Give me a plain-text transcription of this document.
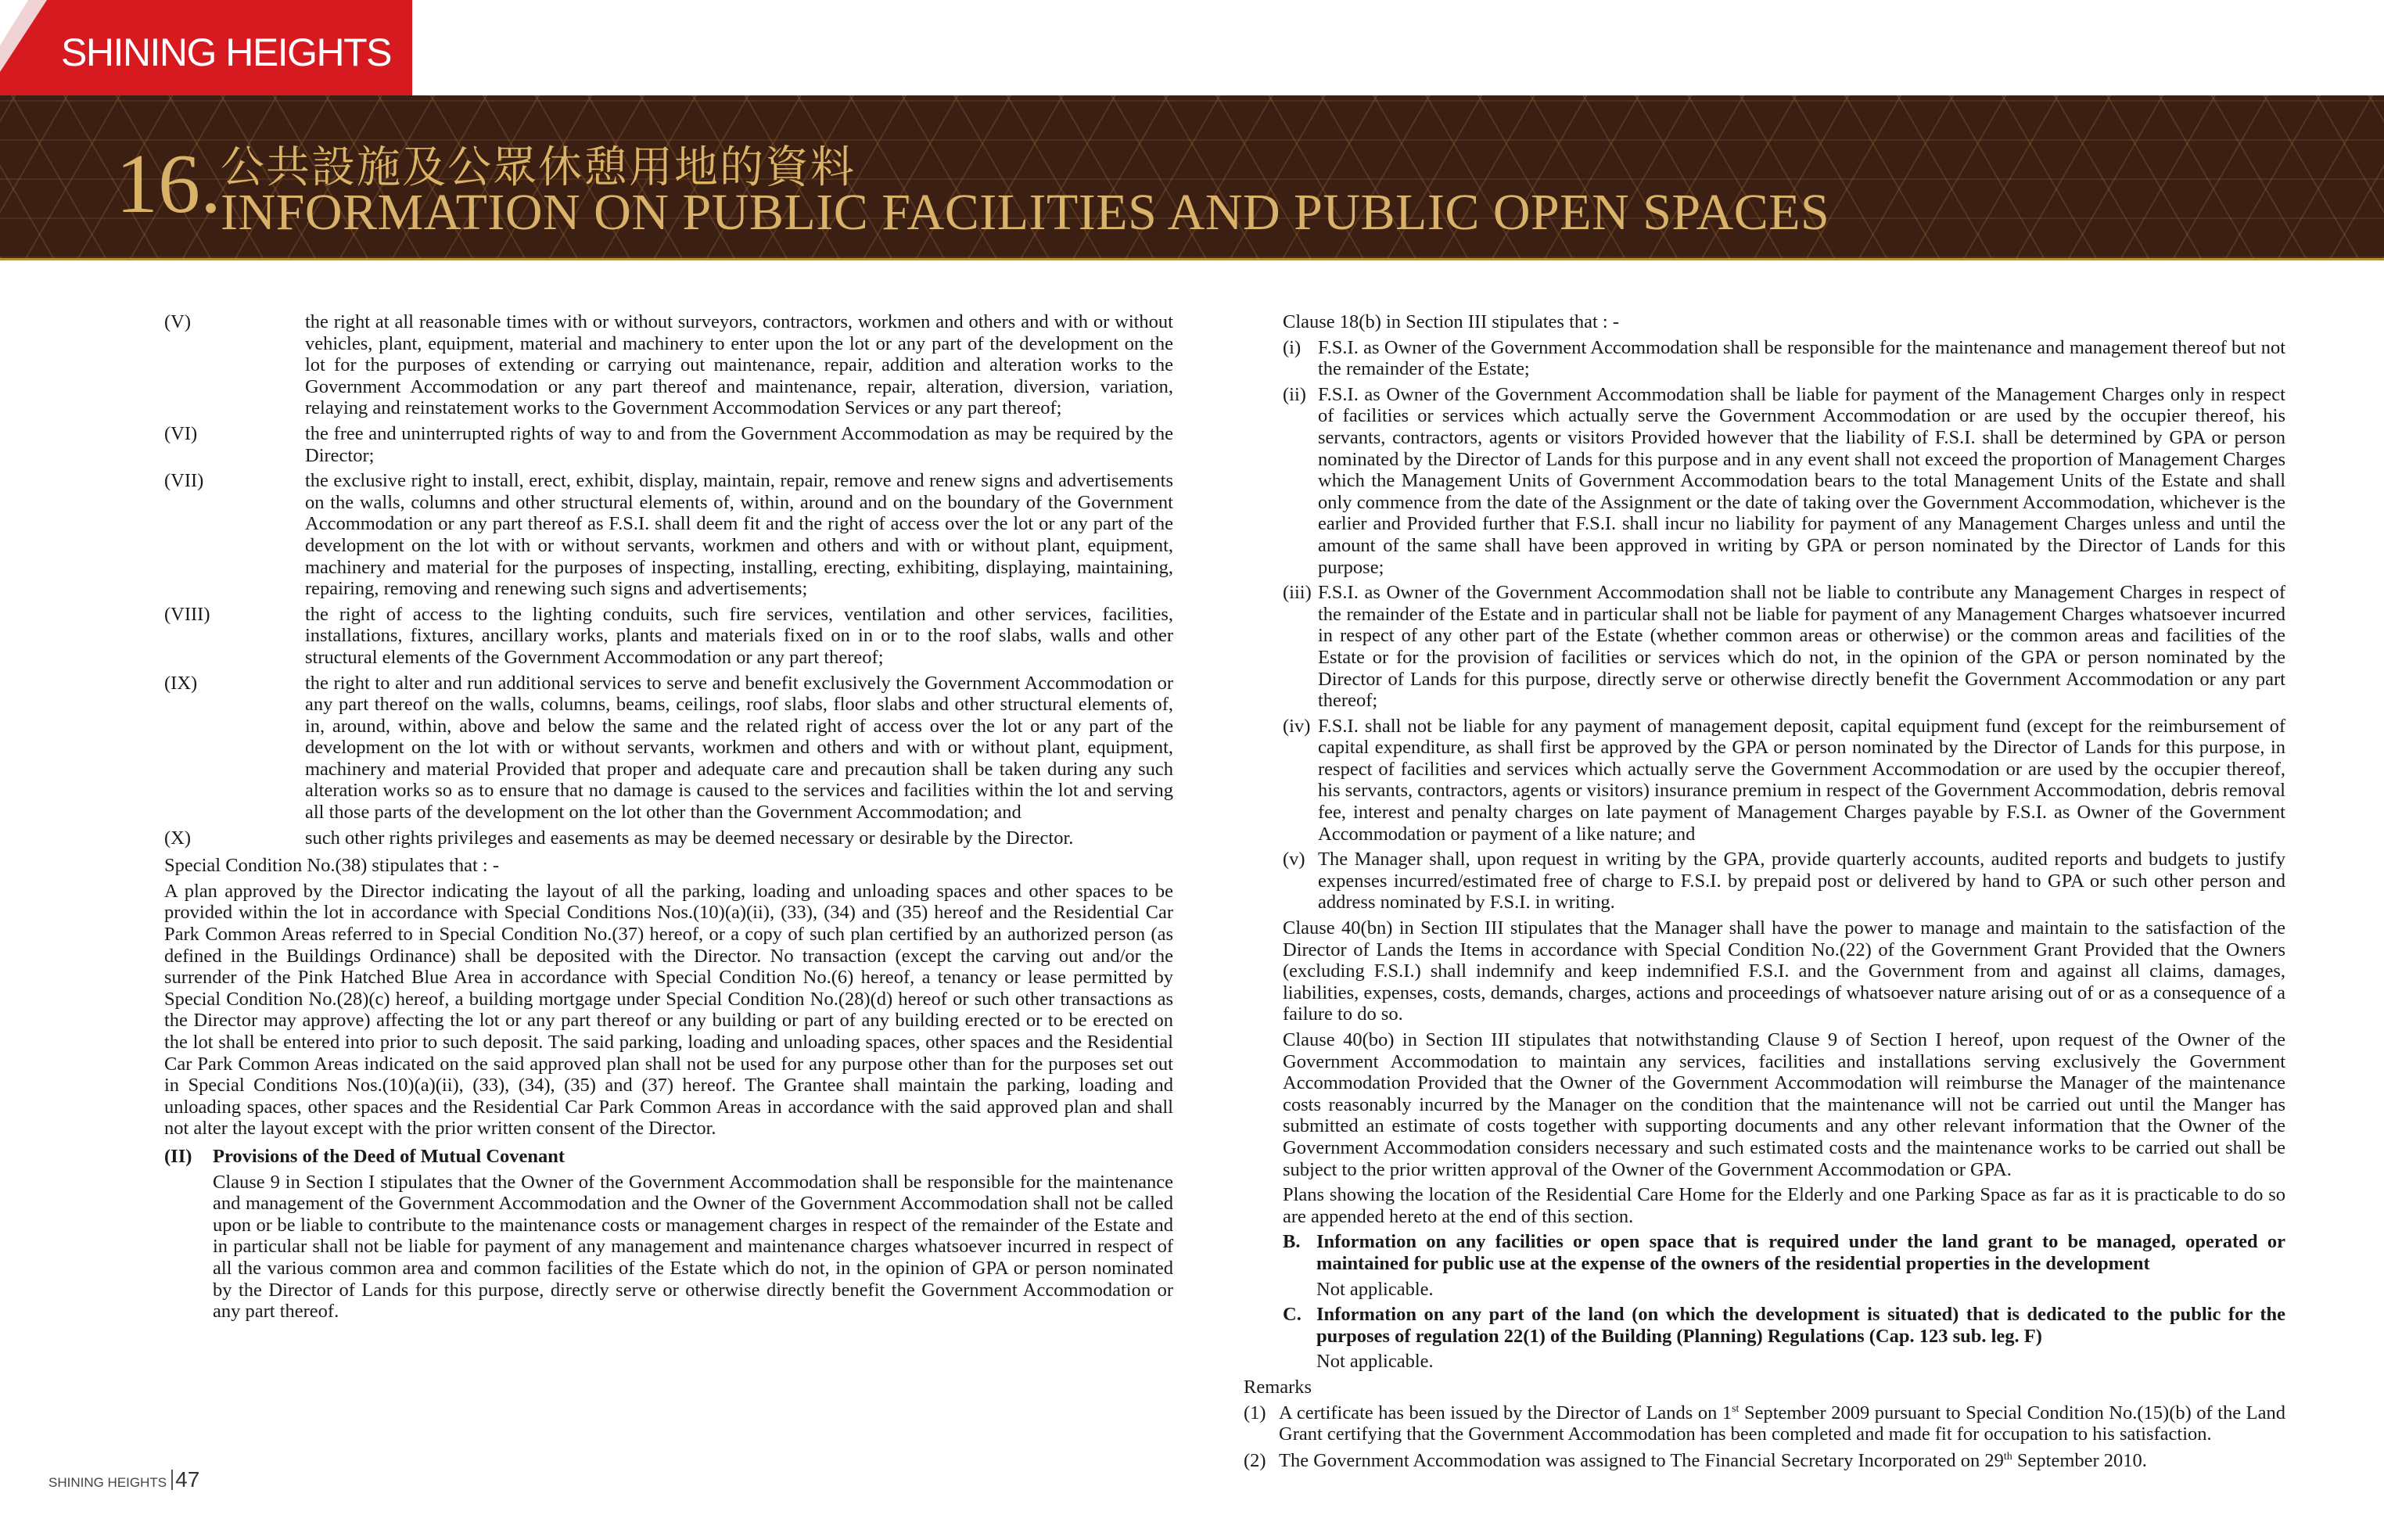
SHINING HEIGHTS
16. 公共設施及公眾休憩用地的資料
INFORMATION ON PUBLIC FACILITIES AND PUBLIC OPEN SPACES
(V)	the right at all reasonable times with or without surveyors, contractors, workmen and others and with or without vehicles, plant, equipment, material and machinery to enter upon the lot or any part of the development on the lot for the purposes of extending or carrying out maintenance, repair, addition and alteration works to the Government Accommodation or any part thereof and maintenance, repair, alteration, diversion, variation, relaying and reinstatement works to the Government Accommodation Services or any part thereof;
(VI)	the free and uninterrupted rights of way to and from the Government Accommodation as may be required by the Director;
(VII)	the exclusive right to install, erect, exhibit, display, maintain, repair, remove and renew signs and advertisements on the walls, columns and other structural elements of, within, around and on the boundary of the Government Accommodation or any part thereof as F.S.I. shall deem fit and the right of access over the lot or any part of the development on the lot with or without servants, workmen and others and with or without plant, equipment, machinery and material for the purposes of inspecting, installing, erecting, exhibiting, displaying, maintaining, repairing, removing and renewing such signs and advertisements;
(VIII)	the right of access to the lighting conduits, such fire services, ventilation and other services, facilities, installations, fixtures, ancillary works, plants and materials fixed on in or to the roof slabs, walls and other structural elements of the Government Accommodation or any part thereof;
(IX)	the right to alter and run additional services to serve and benefit exclusively the Government Accommodation or any part thereof on the walls, columns, beams, ceilings, roof slabs, floor slabs and other structural elements of, in, around, within, above and below the same and the related right of access over the lot or any part of the development on the lot with or without servants, workmen and others and with or without plant, equipment, machinery and material Provided that proper and adequate care and precaution shall be taken during any such alteration works so as to ensure that no damage is caused to the services and facilities within the lot and serving all those parts of the development on the lot other than the Government Accommodation; and
(X)	such other rights privileges and easements as may be deemed necessary or desirable by the Director.

Special Condition No.(38) stipulates that : -

A plan approved by the Director indicating the layout of all the parking, loading and unloading spaces and other spaces to be provided within the lot in accordance with Special Conditions Nos.(10)(a)(ii), (33), (34) and (35) hereof and the Residential Car Park Common Areas referred to in Special Condition No.(37) hereof, or a copy of such plan certified by an authorized person (as defined in the Buildings Ordinance) shall be deposited with the Director. No transaction (except the carving out and/or the surrender of the Pink Hatched Blue Area in accordance with Special Condition No.(6) hereof, a tenancy or lease permitted by Special Condition No.(28)(c) hereof, a building mortgage under Special Condition No.(28)(d) hereof or such other transactions as the Director may approve) affecting the lot or any part thereof or any building or part of any building erected or to be erected on the lot shall be entered into prior to such deposit. The said parking, loading and unloading spaces, other spaces and the Residential Car Park Common Areas indicated on the said approved plan shall not be used for any purpose other than for the purposes set out in Special Conditions Nos.(10)(a)(ii), (33), (34), (35) and (37) hereof. The Grantee shall maintain the parking, loading and unloading spaces, other spaces and the Residential Car Park Common Areas in accordance with the said approved plan and shall not alter the layout except with the prior written consent of the Director.

(II) Provisions of the Deed of Mutual Covenant

Clause 9 in Section I stipulates that the Owner of the Government Accommodation shall be responsible for the maintenance and management of the Government Accommodation and the Owner of the Government Accommodation shall not be called upon or be liable to contribute to the maintenance costs or management charges in respect of the remainder of the Estate and in particular shall not be liable for payment of any management and maintenance charges whatsoever incurred in respect of all the various common area and common facilities of the Estate which do not, in the opinion of GPA or person nominated by the Director of Lands for this purpose, directly serve or otherwise directly benefit the Government Accommodation or any part thereof.

Clause 18(b) in Section III stipulates that : -

(i) F.S.I. as Owner of the Government Accommodation shall be responsible for the maintenance and management thereof but not the remainder of the Estate;
(ii) F.S.I. as Owner of the Government Accommodation shall be liable for payment of the Management Charges only in respect of facilities or services which actually serve the Government Accommodation or are used by the occupier thereof, his servants, contractors, agents or visitors Provided however that the liability of F.S.I. shall be determined by GPA or person nominated by the Director of Lands for this purpose and in any event shall not exceed the proportion of Management Charges which the Management Units of Government Accommodation bears to the total Management Units of the Estate and shall only commence from the date of the Assignment or the date of taking over the Government Accommodation, whichever is the earlier and Provided further that F.S.I. shall incur no liability for payment of any Management Charges unless and until the amount of the same shall have been approved in writing by GPA or person nominated by the Director of Lands for this purpose;
(iii) F.S.I. as Owner of the Government Accommodation shall not be liable to contribute any Management Charges in respect of the remainder of the Estate and in particular shall not be liable for payment of any Management Charges whatsoever incurred in respect of any other part of the Estate (whether common areas or otherwise) or the common areas and facilities of the Estate or for the provision of facilities or services which do not, in the opinion of the GPA or person nominated by the Director of Lands for this purpose, directly serve or otherwise directly benefit the Government Accommodation or any part thereof;
(iv) F.S.I. shall not be liable for any payment of management deposit, capital equipment fund (except for the reimbursement of capital expenditure, as shall first be approved by the GPA or person nominated by the Director of Lands for this purpose, in respect of facilities and services which actually serve the Government Accommodation or are used by the occupier thereof, his servants, contractors, agents or visitors) insurance premium in respect of the Government Accommodation, debris removal fee, interest and penalty charges on late payment of Management Charges payable by F.S.I. as Owner of the Government Accommodation or payment of a like nature; and
(v) The Manager shall, upon request in writing by the GPA, provide quarterly accounts, audited reports and budgets to justify expenses incurred/estimated free of charge to F.S.I. by prepaid post or delivered by hand to GPA or such other person and address nominated by F.S.I. in writing.

Clause 40(bn) in Section III stipulates that the Manager shall have the power to manage and maintain to the satisfaction of the Director of Lands the Items in accordance with Special Condition No.(22) of the Government Grant Provided that the Owners (excluding F.S.I.) shall indemnify and keep indemnified F.S.I. and the Government from and against all claims, damages, liabilities, expenses, costs, demands, charges, actions and proceedings of whatsoever nature arising out of or as a consequence of a failure to do so.

Clause 40(bo) in Section III stipulates that notwithstanding Clause 9 of Section I hereof, upon request of the Owner of the Government Accommodation to maintain any services, facilities and installations serving exclusively the Government Accommodation Provided that the Owner of the Government Accommodation will reimburse the Manager of the maintenance costs reasonably incurred by the Manager on the condition that the maintenance will not be carried out until the Manger has submitted an estimate of costs together with supporting documents and any other relevant information that the Owner of the Government Accommodation considers necessary and such estimated costs and the maintenance works to be carried out shall be subject to the prior written approval of the Owner of the Government Accommodation or GPA.

Plans showing the location of the Residential Care Home for the Elderly and one Parking Space as far as it is practicable to do so are appended hereto at the end of this section.

B. Information on any facilities or open space that is required under the land grant to be managed, operated or maintained for public use at the expense of the owners of the residential properties in the development

Not applicable.

C. Information on any part of the land (on which the development is situated) that is dedicated to the public for the purposes of regulation 22(1) of the Building (Planning) Regulations (Cap. 123 sub. leg. F)

Not applicable.

Remarks

(1) A certificate has been issued by the Director of Lands on 1st September 2009 pursuant to Special Condition No.(15)(b) of the Land Grant certifying that the Government Accommodation has been completed and made fit for occupation to his satisfaction.
(2) The Government Accommodation was assigned to The Financial Secretary Incorporated on 29th September 2010.
SHINING HEIGHTS 47
